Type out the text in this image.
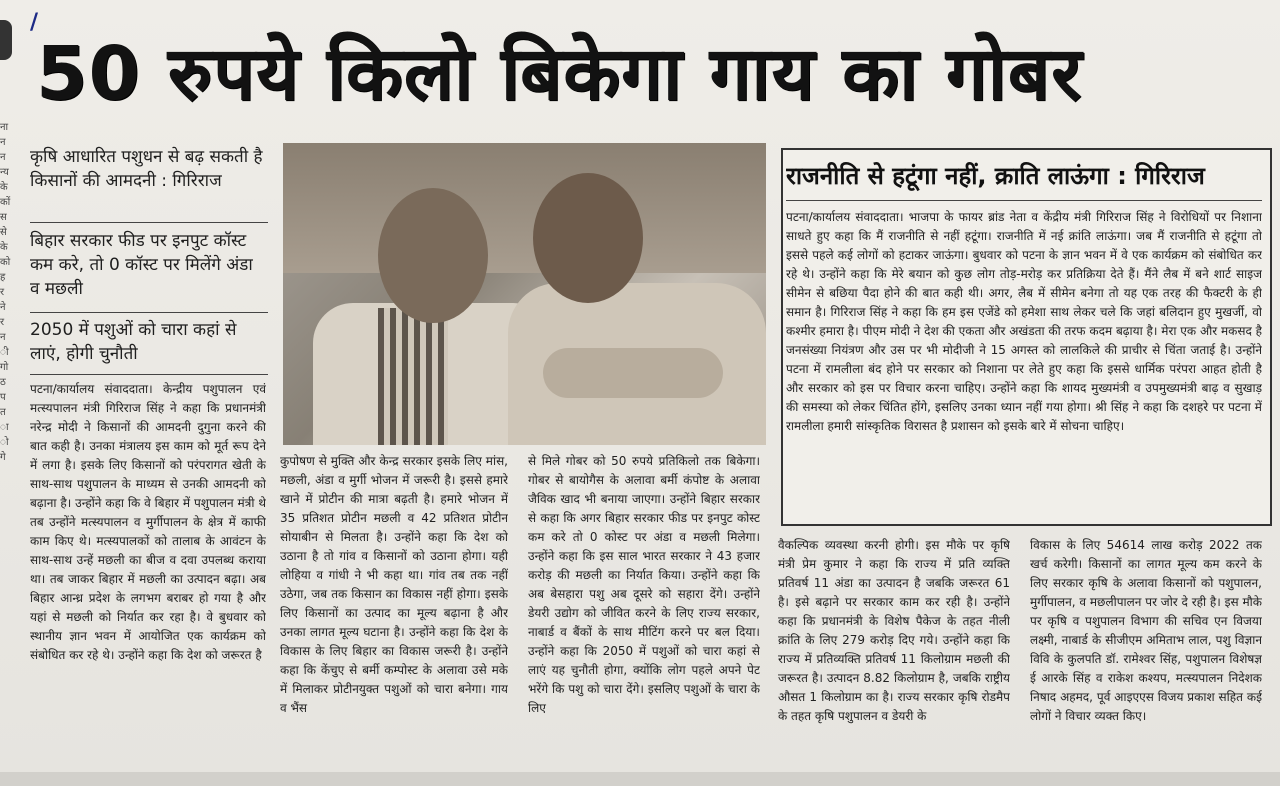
/
ना
न
न
न्य
के
कों
स
से
के
को
ह
र
ने
र
न
ी
गो
ठ
प
त
ा
ो
गे
50 रुपये किलो बिकेगा गाय का गोबर
कृषि आधारित पशुधन से बढ़ सकती है किसानों की आमदनी : गिरिराज
बिहार सरकार फीड पर इनपुट कॉस्ट कम करे, तो 0 कॉस्ट पर मिलेंगे अंडा व मछली
2050 में पशुओं को चारा कहां से लाएं, होगी चुनौती
पटना/कार्यालय संवाददाता। केन्द्रीय पशुपालन एवं मत्स्यपालन मंत्री गिरिराज सिंह ने कहा कि प्रधानमंत्री नरेन्द्र मोदी ने किसानों की आमदनी दुगुना करने की बात कही है। उनका मंत्रालय इस काम को मूर्त रूप देने में लगा है। इसके लिए किसानों को परंपरागत खेती के साथ-साथ पशुपालन के माध्यम से उनकी आमदनी को बढ़ाना है। उन्होंने कहा कि वे बिहार में पशुपालन मंत्री थे तब उन्होंने मत्स्यपालन व मुर्गीपालन के क्षेत्र में काफी काम किए थे। मत्स्यपालकों को तालाब के आवंटन के साथ-साथ उन्हें मछली का बीज व दवा उपलब्ध कराया था। तब जाकर बिहार में मछली का उत्पादन बढ़ा। अब बिहार आन्ध्र प्रदेश के लगभग बराबर हो गया है और यहां से मछली को निर्यात कर रहा है। वे बुधवार को स्थानीय ज्ञान भवन में आयोजित एक कार्यक्रम को संबोधित कर रहे थे। उन्होंने कहा कि देश को जरूरत है
कुपोषण से मुक्ति और केन्द्र सरकार इसके लिए मांस, मछली, अंडा व मुर्गी भोजन में जरूरी है। इससे हमारे खाने में प्रोटीन की मात्रा बढ़ती है। हमारे भोजन में 35 प्रतिशत प्रोटीन मछली व 42 प्रतिशत प्रोटीन सोयाबीन से मिलता है। उन्होंने कहा कि देश को उठाना है तो गांव व किसानों को उठाना होगा। यही लोहिया व गांधी ने भी कहा था। गांव तब तक नहीं उठेगा, जब तक किसान का विकास नहीं होगा। इसके लिए किसानों का उत्पाद का मूल्य बढ़ाना है और उनका लागत मूल्य घटाना है। उन्होंने कहा कि देश के विकास के लिए बिहार का विकास जरूरी है। उन्होंने कहा कि केंचुए से बर्मी कम्पोस्ट के अलावा उसे मके में मिलाकर प्रोटीनयुक्त पशुओं को चारा बनेगा। गाय व भैंस
से मिले गोबर को 50 रुपये प्रतिकिलो तक बिकेगा। गोबर से बायोगैस के अलावा बर्मी कंपोष्ट के अलावा जैविक खाद भी बनाया जाएगा। उन्होंने बिहार सरकार से कहा कि अगर बिहार सरकार फीड पर इनपुट कोस्ट कम करे तो 0 कोस्ट पर अंडा व मछली मिलेगा। उन्होंने कहा कि इस साल भारत सरकार ने 43 हजार करोड़ की मछली का निर्यात किया। उन्होंने कहा कि अब बेसहारा पशु अब दूसरे को सहारा देंगे। उन्होंने डेयरी उद्योग को जीवित करने के लिए राज्य सरकार, नाबार्ड व बैंकों के साथ मीटिंग करने पर बल दिया। उन्होंने कहा कि 2050 में पशुओं को चारा कहां से लाएं यह चुनौती होगा, क्योंकि लोग पहले अपने पेट भरेंगे कि पशु को चारा देंगे। इसलिए पशुओं के चारा के लिए
वैकल्पिक व्यवस्था करनी होगी। इस मौके पर कृषि मंत्री प्रेम कुमार ने कहा कि राज्य में प्रति व्यक्ति प्रतिवर्ष 11 अंडा का उत्पादन है जबकि जरूरत 61 है। इसे बढ़ाने पर सरकार काम कर रही है। उन्होंने कहा कि प्रधानमंत्री के विशेष पैकेज के तहत नीली क्रांति के लिए 279 करोड़ दिए गये। उन्होंने कहा कि राज्य में प्रतिव्यक्ति प्रतिवर्ष 11 किलोग्राम मछली की जरूरत है। उत्पादन 8.82 किलोग्राम है, जबकि राष्ट्रीय औसत 1 किलोग्राम का है। राज्य सरकार कृषि रोडमैप के तहत कृषि पशुपालन व डेयरी के
विकास के लिए 54614 लाख करोड़ 2022 तक खर्च करेगी। किसानों का लागत मूल्य कम करने के लिए सरकार कृषि के अलावा किसानों को पशुपालन, मुर्गीपालन, व मछलीपालन पर जोर दे रही है। इस मौके पर कृषि व पशुपालन विभाग की सचिव एन विजया लक्ष्मी, नाबार्ड के सीजीएम अमिताभ लाल, पशु विज्ञान विवि के कुलपति डॉ. रामेश्वर सिंह, पशुपालन विशेषज्ञ ई आरके सिंह व राकेश कश्यप, मत्स्यपालन निदेशक निषाद अहमद, पूर्व आइएएस विजय प्रकाश सहित कई लोगों ने विचार व्यक्त किए।
राजनीति से हटूंगा नहीं, क्राति लाऊंगा : गिरिराज
पटना/कार्यालय संवाददाता। भाजपा के फायर ब्रांड नेता व केंद्रीय मंत्री गिरिराज सिंह ने विरोधियों पर निशाना साधते हुए कहा कि मैं राजनीति से नहीं हटूंगा। राजनीति में नई क्रांति लाऊंगा। जब मैं राजनीति से हटूंगा तो इससे पहले कई लोगों को हटाकर जाऊंगा। बुधवार को पटना के ज्ञान भवन में वे एक कार्यक्रम को संबोधित कर रहे थे। उन्होंने कहा कि मेरे बयान को कुछ लोग तोड़-मरोड़ कर प्रतिक्रिया देते हैं। मैंने लैब में बने शार्ट साइज सीमेन से बछिया पैदा होने की बात कही थी। अगर, लैब में सीमेन बनेगा तो यह एक तरह की फैक्टरी के ही समान है। गिरिराज सिंह ने कहा कि हम इस एजेंडे को हमेशा साथ लेकर चले कि जहां बलिदान हुए मुखर्जी, वो कश्मीर हमारा है। पीएम मोदी ने देश की एकता और अखंडता की तरफ कदम बढ़ाया है। मेरा एक और मकसद है जनसंख्या नियंत्रण और उस पर भी मोदीजी ने 15 अगस्त को लालकिले की प्राचीर से चिंता जताई है। उन्होंने पटना में रामलीला बंद होने पर सरकार को निशाना पर लेते हुए कहा कि इससे धार्मिक परंपरा आहत होती है और सरकार को इस पर विचार करना चाहिए। उन्होंने कहा कि शायद मुख्यमंत्री व उपमुख्यमंत्री बाढ़ व सुखाड़ की समस्या को लेकर चिंतित होंगे, इसलिए उनका ध्यान नहीं गया होगा। श्री सिंह ने कहा कि दशहरे पर पटना में रामलीला हमारी सांस्कृतिक विरासत है प्रशासन को इसके बारे में सोचना चाहिए।
